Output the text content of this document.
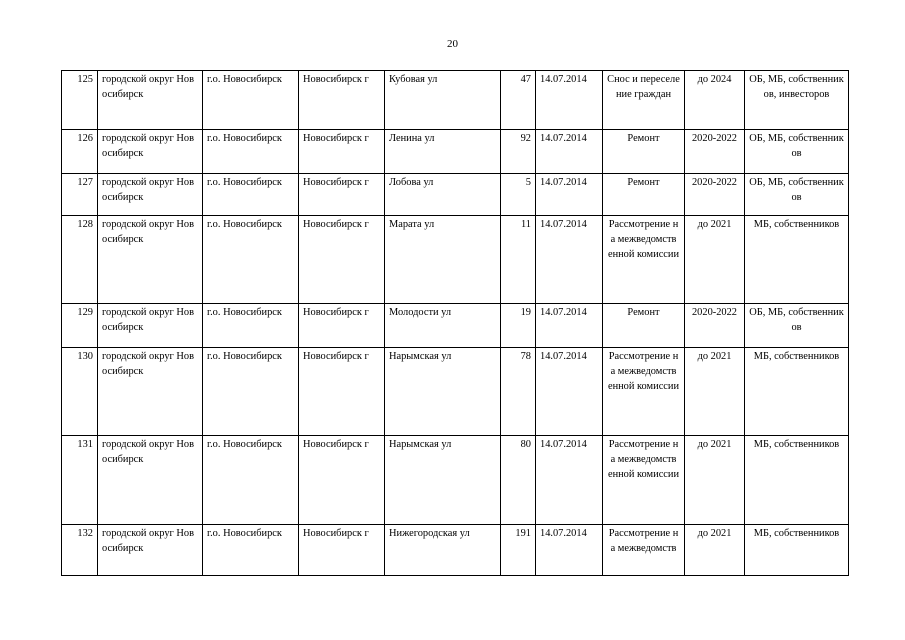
20
125	городской округ Новосибирск	г.о. Новосибирск	Новосибирск г	Кубовая ул	47	14.07.2014	Снос и переселение граждан	до 2024	ОБ, МБ, собственников, инвесторов
126	городской округ Новосибирск	г.о. Новосибирск	Новосибирск г	Ленина ул	92	14.07.2014	Ремонт	2020-2022	ОБ, МБ, собственников
127	городской округ Новосибирск	г.о. Новосибирск	Новосибирск г	Лобова ул	5	14.07.2014	Ремонт	2020-2022	ОБ, МБ, собственников
128	городской округ Новосибирск	г.о. Новосибирск	Новосибирск г	Марата ул	11	14.07.2014	Рассмотрение на межведомств енной комиссии	до 2021	МБ, собственников
129	городской округ Новосибирск	г.о. Новосибирск	Новосибирск г	Молодости ул	19	14.07.2014	Ремонт	2020-2022	ОБ, МБ, собственников
130	городской округ Новосибирск	г.о. Новосибирск	Новосибирск г	Нарымская ул	78	14.07.2014	Рассмотрение на межведомств енной комиссии	до 2021	МБ, собственников
131	городской округ Новосибирск	г.о. Новосибирск	Новосибирск г	Нарымская ул	80	14.07.2014	Рассмотрение на межведомств енной комиссии	до 2021	МБ, собственников
132	городской округ Новосибирск	г.о. Новосибирск	Новосибирск г	Нижегородская ул	191	14.07.2014	Рассмотрение на межведомств	до 2021	МБ, собственников
